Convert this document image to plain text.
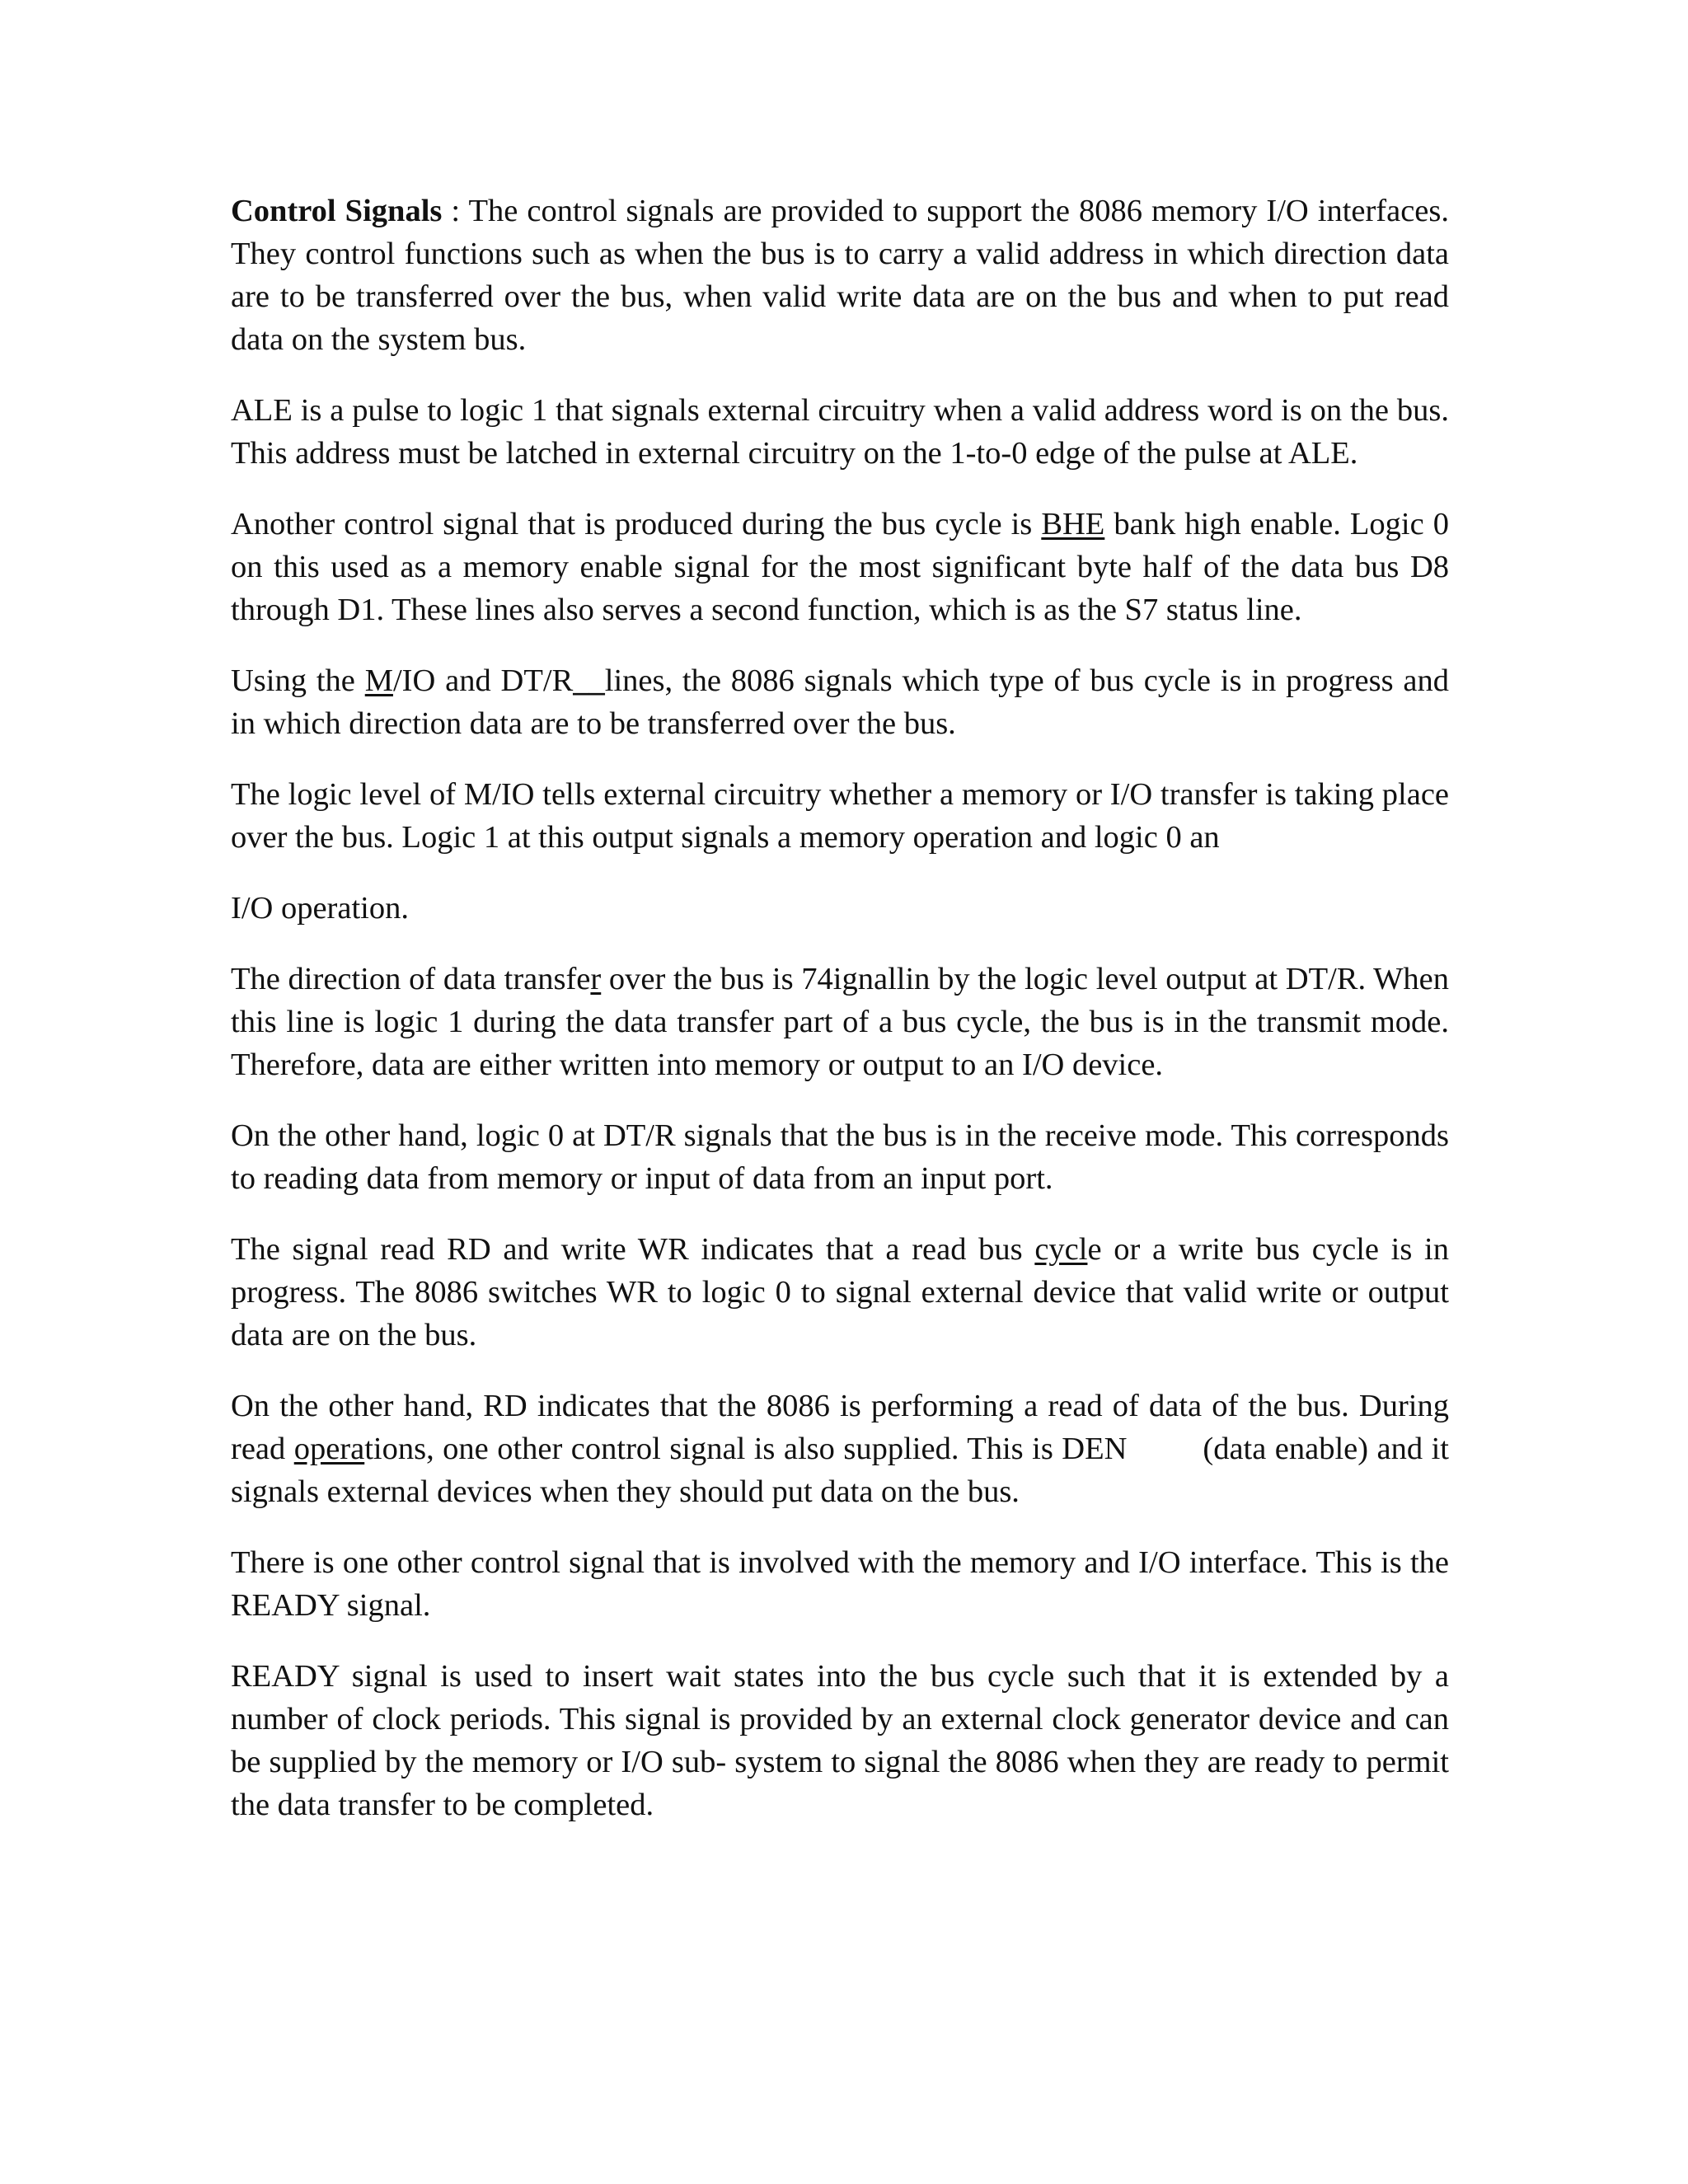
Control Signals : The control signals are provided to support the 8086 memory I/O interfaces. They control functions such as when the bus is to carry a valid address in which direction data are to be transferred over the bus, when valid write data are on the bus and when to put read data on the system bus.

ALE is a pulse to logic 1 that signals external circuitry when a valid address word is on the bus. This address must be latched in external circuitry on the 1-to-0 edge of the pulse at ALE.

Another control signal that is produced during the bus cycle is BHE bank high enable. Logic 0 on this used as a memory enable signal for the most significant byte half of the data bus D8 through D1. These lines also serves a second function, which is as the S7 status line.

Using the M/IO and DT/R__lines, the 8086 signals which type of bus cycle is in progress and in which direction data are to be transferred over the bus.

The logic level of M/IO tells external circuitry whether a memory or I/O transfer is taking place over the bus. Logic 1 at this output signals a memory operation and logic 0 an

I/O operation.

The direction of data transfer over the bus is 74ignallin by the logic level output at DT/R. When this line is logic 1 during the data transfer part of a bus cycle, the bus is in the transmit mode. Therefore, data are either written into memory or output to an I/O device.

On the other hand, logic 0 at DT/R signals that the bus is in the receive mode. This corresponds to reading data from memory or input of data from an input port.

The signal read RD and write WR indicates that a read bus cycle or a write bus cycle is in progress. The 8086 switches WR to logic 0 to signal external device that valid write or output data are on the bus.

On the other hand, RD indicates that the 8086 is performing a read of data of the bus. During read operations, one other control signal is also supplied. This is DEN (data enable) and it signals external devices when they should put data on the bus.

There is one other control signal that is involved with the memory and I/O interface. This is the READY signal.

READY signal is used to insert wait states into the bus cycle such that it is extended by a number of clock periods. This signal is provided by an external clock generator device and can be supplied by the memory or I/O sub- system to signal the 8086 when they are ready to permit the data transfer to be completed.
